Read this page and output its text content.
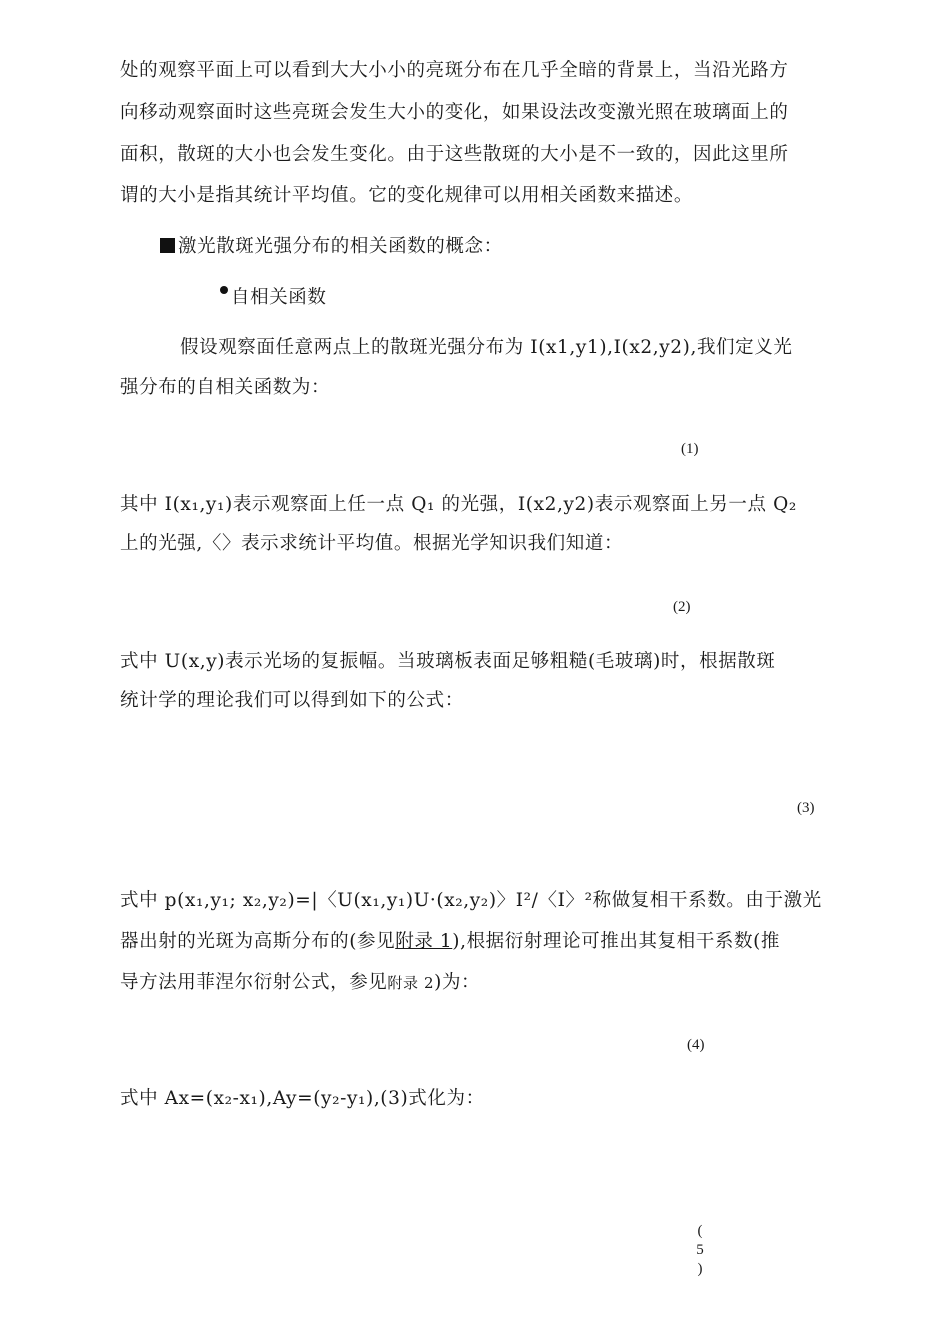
处的观察平面上可以看到大大小小的亮斑分布在几乎全暗的背景上，当沿光路方
向移动观察面时这些亮斑会发生大小的变化，如果设法改变激光照在玻璃面上的
面积，散斑的大小也会发生变化。由于这些散斑的大小是不一致的，因此这里所
谓的大小是指其统计平均值。它的变化规律可以用相关函数来描述。
激光散斑光强分布的相关函数的概念：
自相关函数
假设观察面任意两点上的散斑光强分布为 I(x1,y1),I(x2,y2),我们定义光
强分布的自相关函数为：
(1)
其中 I(x₁,y₁)表示观察面上任一点 Q₁ 的光强，I(x2,y2)表示观察面上另一点 Q₂
上的光强,〈〉表示求统计平均值。根据光学知识我们知道：
(2)
式中 U(x,y)表示光场的复振幅。当玻璃板表面足够粗糙(毛玻璃)时，根据散斑
统计学的理论我们可以得到如下的公式：
(3)
式中 p(x₁,y₁; x₂,y₂)=|〈U(x₁,y₁)U·(x₂,y₂)〉I²/〈I〉²称做复相干系数。由于激光
器出射的光斑为高斯分布的(参见附录 1),根据衍射理论可推出其复相干系数(推
导方法用菲涅尔衍射公式，参见附录 2)为：
(4)
式中 Ax=(x₂-x₁),Ay=(y₂-y₁),(3)式化为：
(
5
)
